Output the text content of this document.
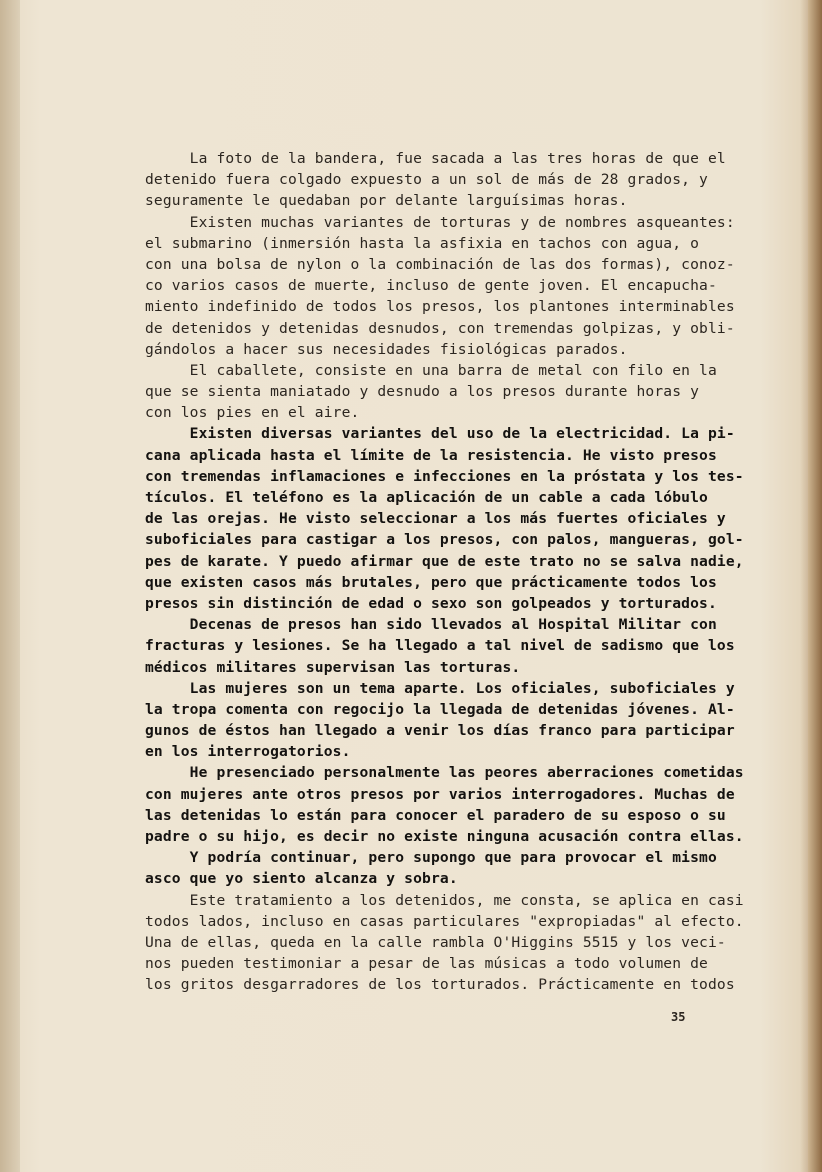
La foto de la bandera, fue sacada a las tres horas de que el
detenido fuera colgado expuesto a un sol de más de 28 grados, y
seguramente le quedaban por delante larguísimas horas.
Existen muchas variantes de torturas y de nombres asqueantes:
el submarino (inmersión hasta la asfixia en tachos con agua, o
con una bolsa de nylon o la combinación de las dos formas), conoz-
co varios casos de muerte, incluso de gente joven. El encapucha-
miento indefinido de todos los presos, los plantones interminables
de detenidos y detenidas desnudos, con tremendas golpizas, y obli-
gándolos a hacer sus necesidades fisiológicas parados.
El caballete, consiste en una barra de metal con filo en la
que se sienta maniatado y desnudo a los presos durante horas y
con los pies en el aire.
Existen diversas variantes del uso de la electricidad. La pi-
cana aplicada hasta el límite de la resistencia. He visto presos
con tremendas inflamaciones e infecciones en la próstata y los tes-
tículos. El teléfono es la aplicación de un cable a cada lóbulo
de las orejas. He visto seleccionar a los más fuertes oficiales y
suboficiales para castigar a los presos, con palos, mangueras, gol-
pes de karate. Y puedo afirmar que de este trato no se salva nadie,
que existen casos más brutales, pero que prácticamente todos los
presos sin distinción de edad o sexo son golpeados y torturados.
Decenas de presos han sido llevados al Hospital Militar con
fracturas y lesiones. Se ha llegado a tal nivel de sadismo que los
médicos militares supervisan las torturas.
Las mujeres son un tema aparte. Los oficiales, suboficiales y
la tropa comenta con regocijo la llegada de detenidas jóvenes. Al-
gunos de éstos han llegado a venir los días franco para participar
en los interrogatorios.
He presenciado personalmente las peores aberraciones cometidas
con mujeres ante otros presos por varios interrogadores. Muchas de
las detenidas lo están para conocer el paradero de su esposo o su
padre o su hijo, es decir no existe ninguna acusación contra ellas.
Y podría continuar, pero supongo que para provocar el mismo
asco que yo siento alcanza y sobra.
Este tratamiento a los detenidos, me consta, se aplica en casi
todos lados, incluso en casas particulares "expropiadas" al efecto.
Una de ellas, queda en la calle rambla O'Higgins 5515 y los veci-
nos pueden testimoniar a pesar de las músicas a todo volumen de
los gritos desgarradores de los torturados. Prácticamente en todos
35
